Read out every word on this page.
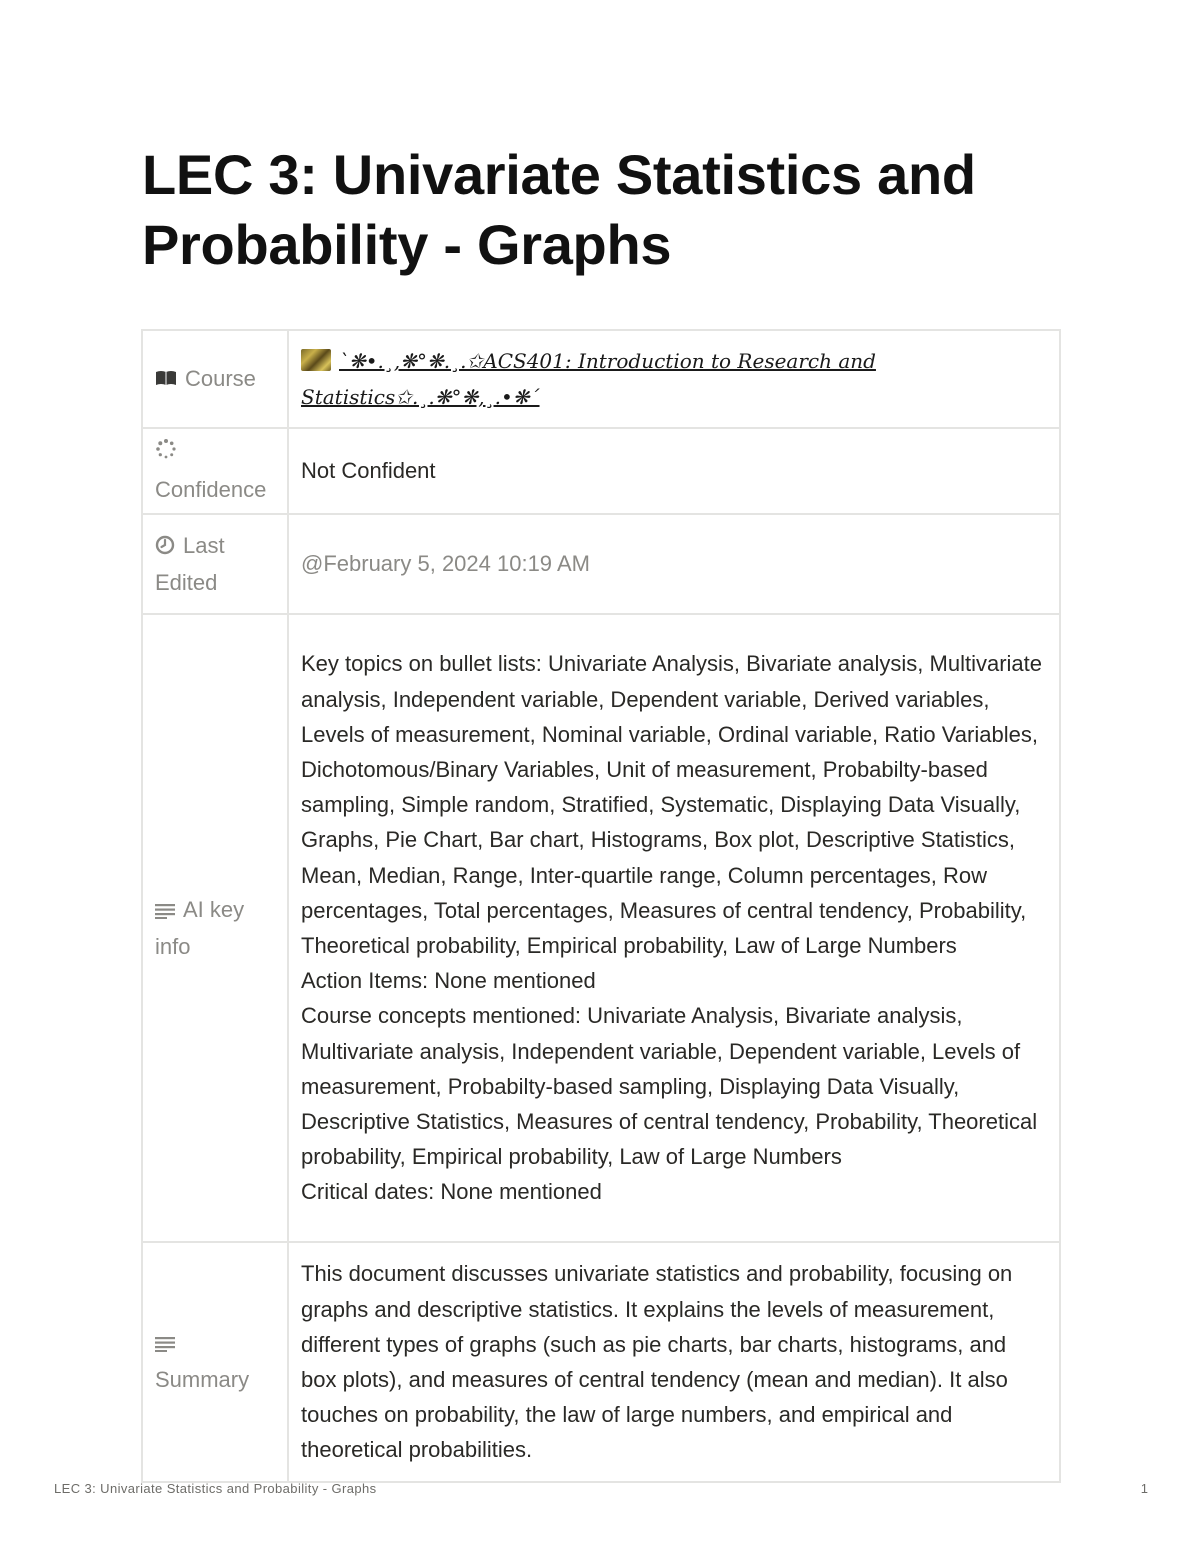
LEC 3: Univariate Statistics and Probability - Graphs
Course	`❋•.¸,❋°❋.¸.✩ACS401: Introduction to Research and Statistics✩.¸.❋°❋,¸.•❋´

Confidence	Not Confident
Last Edited	@February 5, 2024 10:19 AM
AI key info	Key topics on bullet lists: Univariate Analysis, Bivariate analysis, Multivariate analysis, Independent variable, Dependent variable, Derived variables, Levels of measurement, Nominal variable, Ordinal variable, Ratio Variables, Dichotomous/Binary Variables, Unit of measurement, Probabilty-based sampling, Simple random, Stratified, Systematic, Displaying Data Visually, Graphs, Pie Chart, Bar chart, Histograms, Box plot, Descriptive Statistics, Mean, Median, Range, Inter-quartile range, Column percentages, Row percentages, Total percentages, Measures of central tendency, Probability, Theoretical probability, Empirical probability, Law of Large Numbers
Action Items: None mentioned
Course concepts mentioned: Univariate Analysis, Bivariate analysis, Multivariate analysis, Independent variable, Dependent variable, Levels of measurement, Probabilty-based sampling, Displaying Data Visually, Descriptive Statistics, Measures of central tendency, Probability, Theoretical probability, Empirical probability, Law of Large Numbers
Critical dates: None mentioned

Summary	This document discusses univariate statistics and probability, focusing on graphs and descriptive statistics. It explains the levels of measurement, different types of graphs (such as pie charts, bar charts, histograms, and box plots), and measures of central tendency (mean and median). It also touches on probability, the law of large numbers, and empirical and theoretical probabilities.
LEC 3: Univariate Statistics and Probability - Graphs	1
